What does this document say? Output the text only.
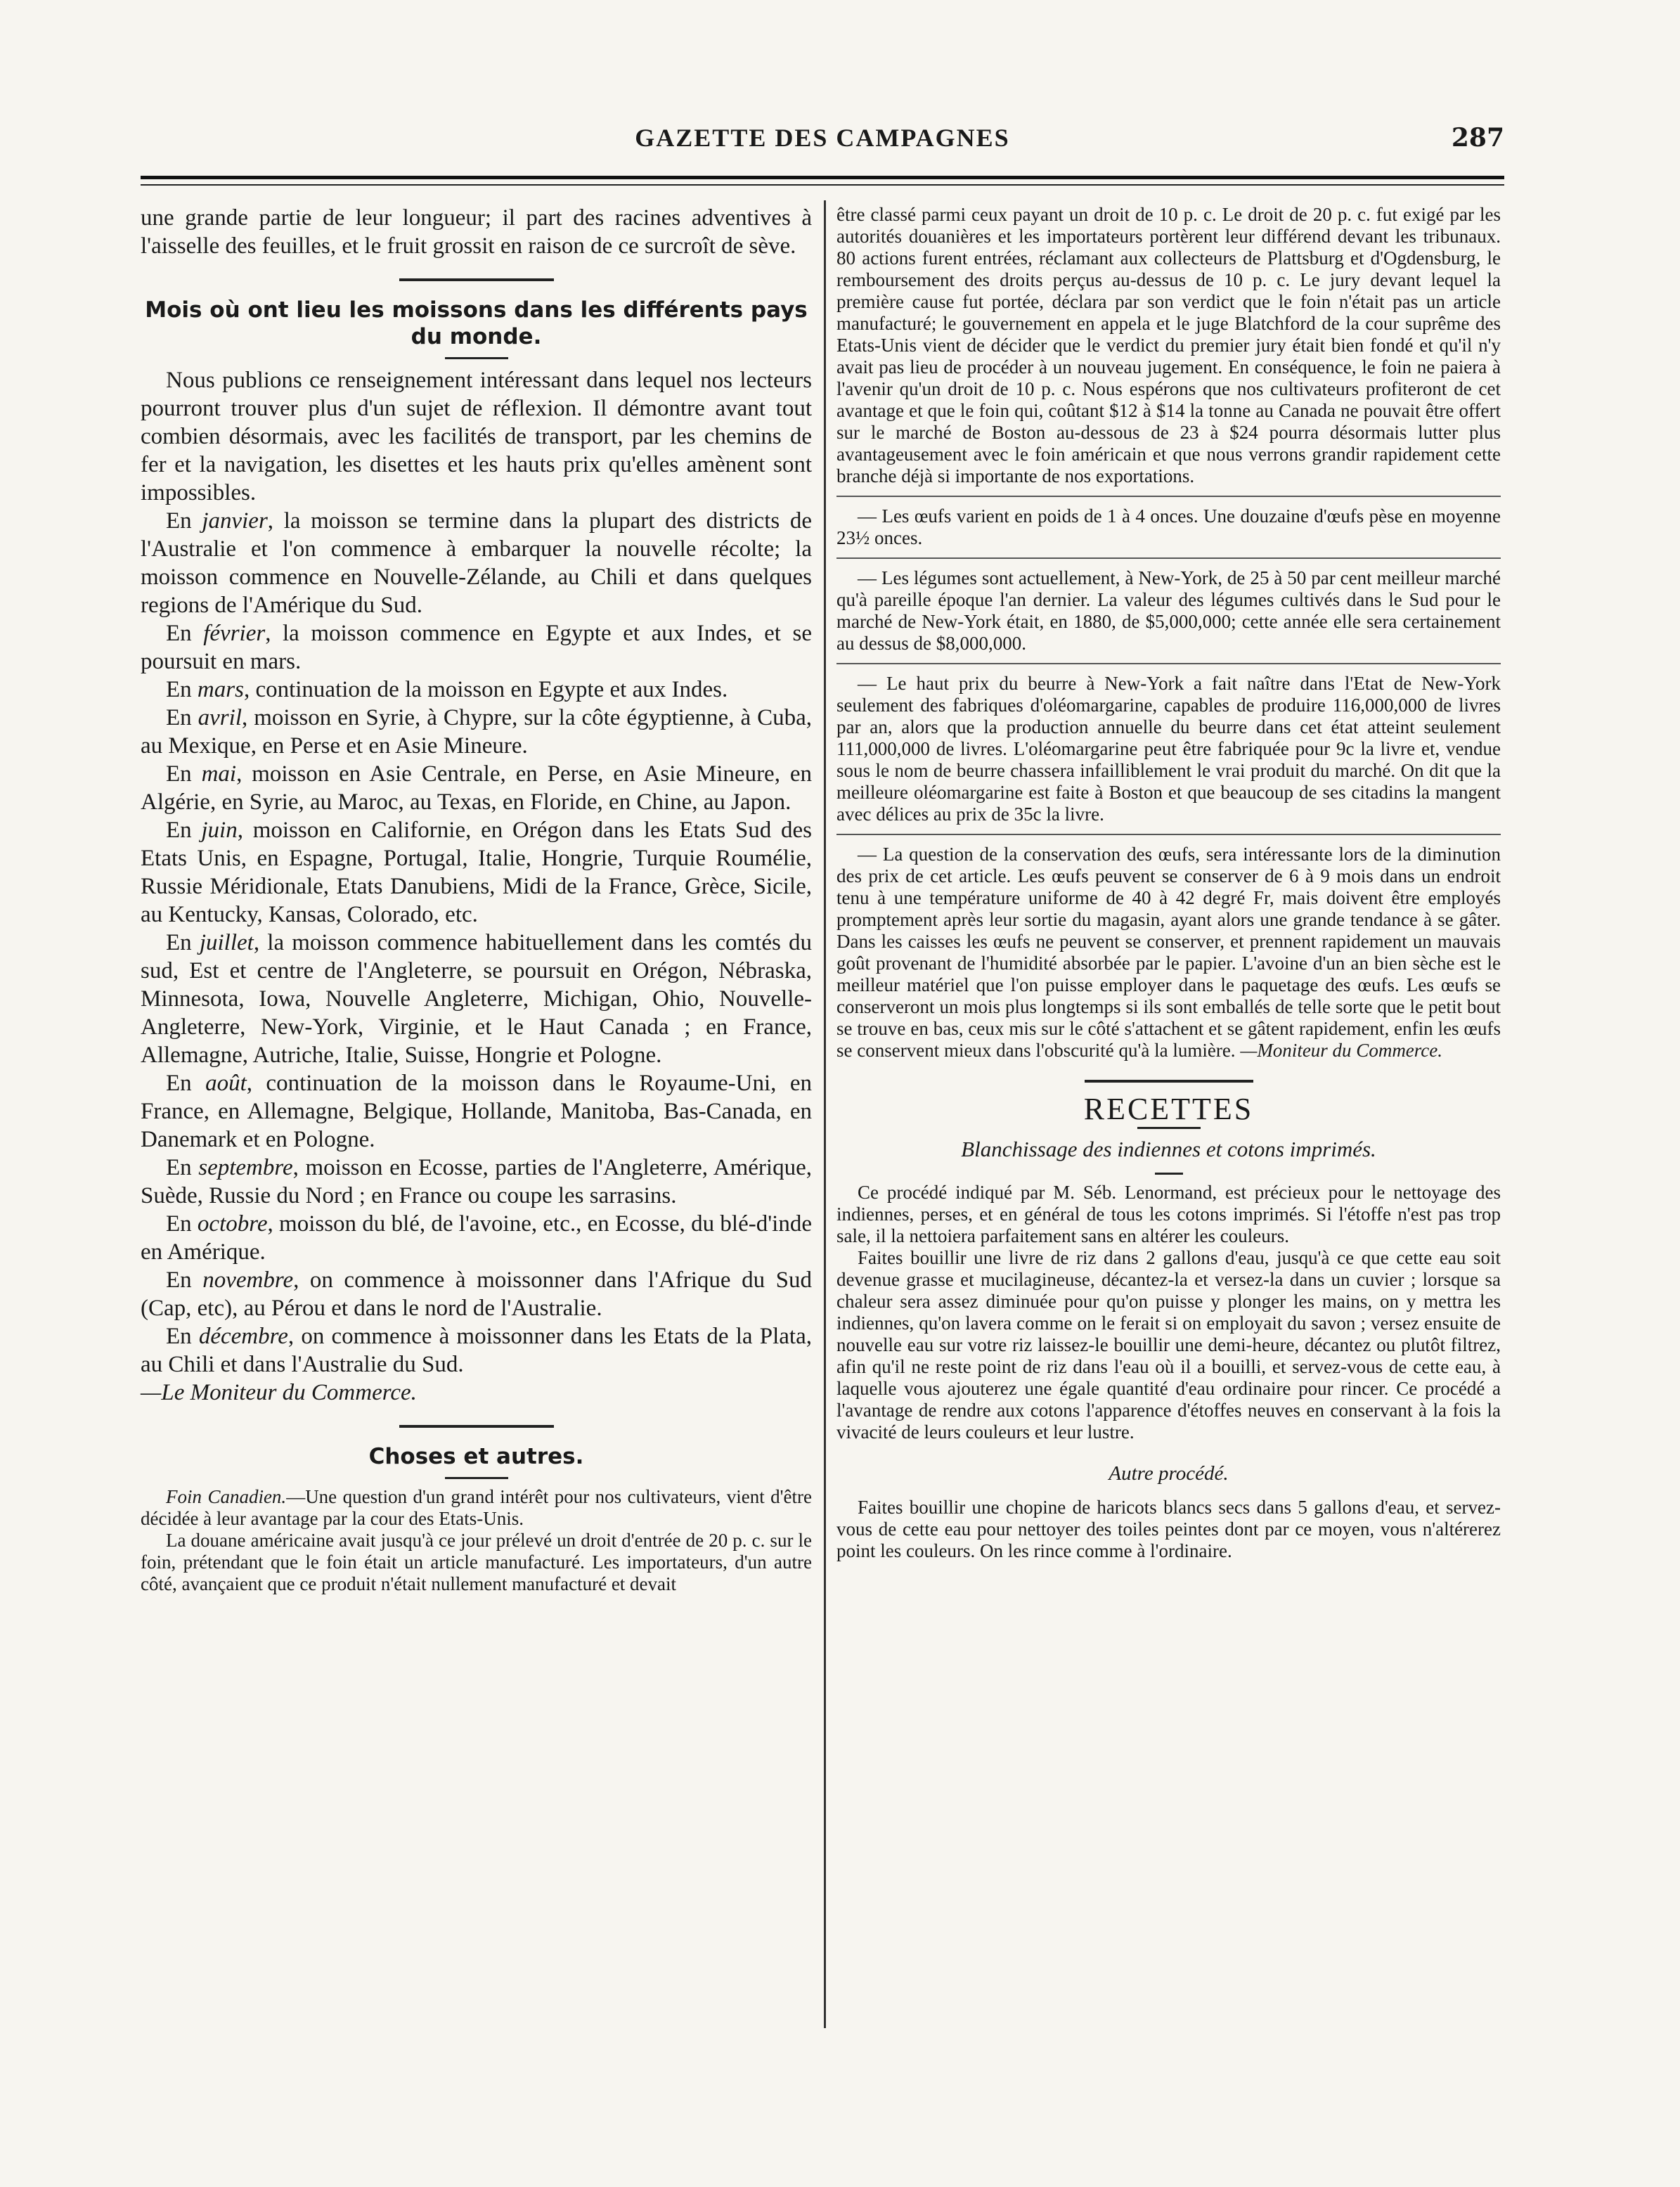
GAZETTE DES CAMPAGNES	287

une grande partie de leur longueur; il part des racines adventives à l'aisselle des feuilles, et le fruit grossit en raison de ce surcroît de sève.

Mois où ont lieu les moissons dans les différents pays du monde.

Nous publions ce renseignement intéressant dans lequel nos lecteurs pourront trouver plus d'un sujet de réflexion. Il démontre avant tout combien désormais, avec les facilités de transport, par les chemins de fer et la navigation, les disettes et les hauts prix qu'elles amènent sont impossibles.

En janvier, la moisson se termine dans la plupart des districts de l'Australie et l'on commence à embarquer la nouvelle récolte; la moisson commence en Nouvelle-Zélande, au Chili et dans quelques regions de l'Amérique du Sud.

En février, la moisson commence en Egypte et aux Indes, et se poursuit en mars.

En mars, continuation de la moisson en Egypte et aux Indes.

En avril, moisson en Syrie, à Chypre, sur la côte égyptienne, à Cuba, au Mexique, en Perse et en Asie Mineure.

En mai, moisson en Asie Centrale, en Perse, en Asie Mineure, en Algérie, en Syrie, au Maroc, au Texas, en Floride, en Chine, au Japon.

En juin, moisson en Californie, en Orégon dans les Etats Sud des Etats Unis, en Espagne, Portugal, Italie, Hongrie, Turquie Roumélie, Russie Méridionale, Etats Danubiens, Midi de la France, Grèce, Sicile, au Kentucky, Kansas, Colorado, etc.

En juillet, la moisson commence habituellement dans les comtés du sud, Est et centre de l'Angleterre, se poursuit en Orégon, Nébraska, Minnesota, Iowa, Nouvelle Angleterre, Michigan, Ohio, Nouvelle-Angleterre, New-York, Virginie, et le Haut Canada ; en France, Allemagne, Autriche, Italie, Suisse, Hongrie et Pologne.

En août, continuation de la moisson dans le Royaume-Uni, en France, en Allemagne, Belgique, Hollande, Manitoba, Bas-Canada, en Danemark et en Pologne.

En septembre, moisson en Ecosse, parties de l'Angleterre, Amérique, Suède, Russie du Nord ; en France ou coupe les sarrasins.

En octobre, moisson du blé, de l'avoine, etc., en Ecosse, du blé-d'inde en Amérique.

En novembre, on commence à moissonner dans l'Afrique du Sud (Cap, etc), au Pérou et dans le nord de l'Australie.

En décembre, on commence à moissonner dans les Etats de la Plata, au Chili et dans l'Australie du Sud.

—Le Moniteur du Commerce.

Choses et autres.

Foin Canadien.—Une question d'un grand intérêt pour nos cultivateurs, vient d'être décidée à leur avantage par la cour des Etats-Unis.

La douane américaine avait jusqu'à ce jour prélevé un droit d'entrée de 20 p. c. sur le foin, prétendant que le foin était un article manufacturé. Les importateurs, d'un autre côté, avançaient que ce produit n'était nullement manufacturé et devait

être classé parmi ceux payant un droit de 10 p. c. Le droit de 20 p. c. fut exigé par les autorités douanières et les importateurs portèrent leur différend devant les tribunaux. 80 actions furent entrées, réclamant aux collecteurs de Plattsburg et d'Ogdensburg, le remboursement des droits perçus au-dessus de 10 p. c. Le jury devant lequel la première cause fut portée, déclara par son verdict que le foin n'était pas un article manufacturé; le gouvernement en appela et le juge Blatchford de la cour suprême des Etats-Unis vient de décider que le verdict du premier jury était bien fondé et qu'il n'y avait pas lieu de procéder à un nouveau jugement. En conséquence, le foin ne paiera à l'avenir qu'un droit de 10 p. c. Nous espérons que nos cultivateurs profiteront de cet avantage et que le foin qui, coûtant $12 à $14 la tonne au Canada ne pouvait être offert sur le marché de Boston au-dessous de 23 à $24 pourra désormais lutter plus avantageusement avec le foin américain et que nous verrons grandir rapidement cette branche déjà si importante de nos exportations.

— Les œufs varient en poids de 1 à 4 onces. Une douzaine d'œufs pèse en moyenne 23½ onces.

— Les légumes sont actuellement, à New-York, de 25 à 50 par cent meilleur marché qu'à pareille époque l'an dernier. La valeur des légumes cultivés dans le Sud pour le marché de New-York était, en 1880, de $5,000,000; cette année elle sera certainement au dessus de $8,000,000.

— Le haut prix du beurre à New-York a fait naître dans l'Etat de New-York seulement des fabriques d'oléomargarine, capables de produire 116,000,000 de livres par an, alors que la production annuelle du beurre dans cet état atteint seulement 111,000,000 de livres. L'oléomargarine peut être fabriquée pour 9c la livre et, vendue sous le nom de beurre chassera infailliblement le vrai produit du marché. On dit que la meilleure oléomargarine est faite à Boston et que beaucoup de ses citadins la mangent avec délices au prix de 35c la livre.

— La question de la conservation des œufs, sera intéressante lors de la diminution des prix de cet article. Les œufs peuvent se conserver de 6 à 9 mois dans un endroit tenu à une température uniforme de 40 à 42 degré Fr, mais doivent être employés promptement après leur sortie du magasin, ayant alors une grande tendance à se gâter. Dans les caisses les œufs ne peuvent se conserver, et prennent rapidement un mauvais goût provenant de l'humidité absorbée par le papier. L'avoine d'un an bien sèche est le meilleur matériel que l'on puisse employer dans le paquetage des œufs. Les œufs se conserveront un mois plus longtemps si ils sont emballés de telle sorte que le petit bout se trouve en bas, ceux mis sur le côté s'attachent et se gâtent rapidement, enfin les œufs se conservent mieux dans l'obscurité qu'à la lumière. —Moniteur du Commerce.

RECETTES
Blanchissage des indiennes et cotons imprimés.

Ce procédé indiqué par M. Séb. Lenormand, est précieux pour le nettoyage des indiennes, perses, et en général de tous les cotons imprimés. Si l'étoffe n'est pas trop sale, il la nettoiera parfaitement sans en altérer les couleurs.

Faites bouillir une livre de riz dans 2 gallons d'eau, jusqu'à ce que cette eau soit devenue grasse et mucilagineuse, décantez-la et versez-la dans un cuvier ; lorsque sa chaleur sera assez diminuée pour qu'on puisse y plonger les mains, on y mettra les indiennes, qu'on lavera comme on le ferait si on employait du savon ; versez ensuite de nouvelle eau sur votre riz laissez-le bouillir une demi-heure, décantez ou plutôt filtrez, afin qu'il ne reste point de riz dans l'eau où il a bouilli, et servez-vous de cette eau, à laquelle vous ajouterez une égale quantité d'eau ordinaire pour rincer. Ce procédé a l'avantage de rendre aux cotons l'apparence d'étoffes neuves en conservant à la fois la vivacité de leurs couleurs et leur lustre.

Autre procédé.

Faites bouillir une chopine de haricots blancs secs dans 5 gallons d'eau, et servez-vous de cette eau pour nettoyer des toiles peintes dont par ce moyen, vous n'altérerez point les couleurs. On les rince comme à l'ordinaire.
